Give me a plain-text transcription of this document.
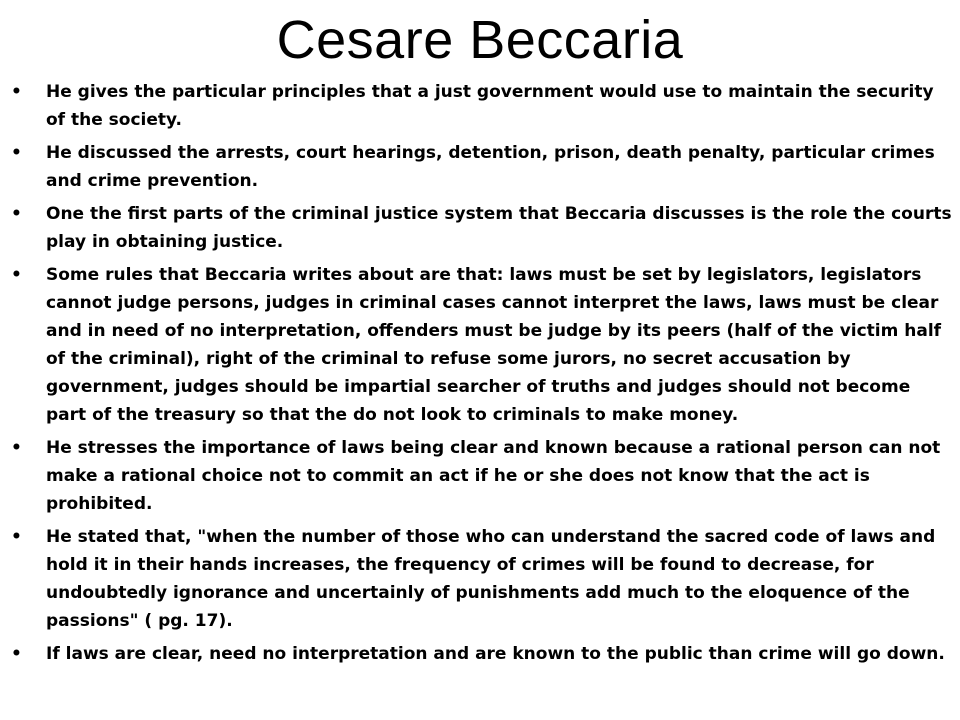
Cesare Beccaria
• He gives the particular principles that a just government would use to maintain the security of the society.
• He discussed the arrests, court hearings, detention, prison, death penalty, particular crimes and crime prevention.
• One the first parts of the criminal justice system that Beccaria discusses is the role the courts play in obtaining justice.
• Some rules that Beccaria writes about are that: laws must be set by legislators, legislators cannot judge persons, judges in criminal cases cannot interpret the laws, laws must be clear and in need of no interpretation, offenders must be judge by its peers (half of the victim half of the criminal), right of the criminal to refuse some jurors, no secret accusation by government, judges should be impartial searcher of truths and judges should not become part of the treasury so that the do not look to criminals to make money.
• He stresses the importance of laws being clear and known because a rational person can not make a rational choice not to commit an act if he or she does not know that the act is prohibited.
• He stated that, "when the number of those who can understand the sacred code of laws and hold it in their hands increases, the frequency of crimes will be found to decrease, for undoubtedly ignorance and uncertainly of punishments add much to the eloquence of the passions" ( pg. 17).
• If laws are clear, need no interpretation and are known to the public than crime will go down.
